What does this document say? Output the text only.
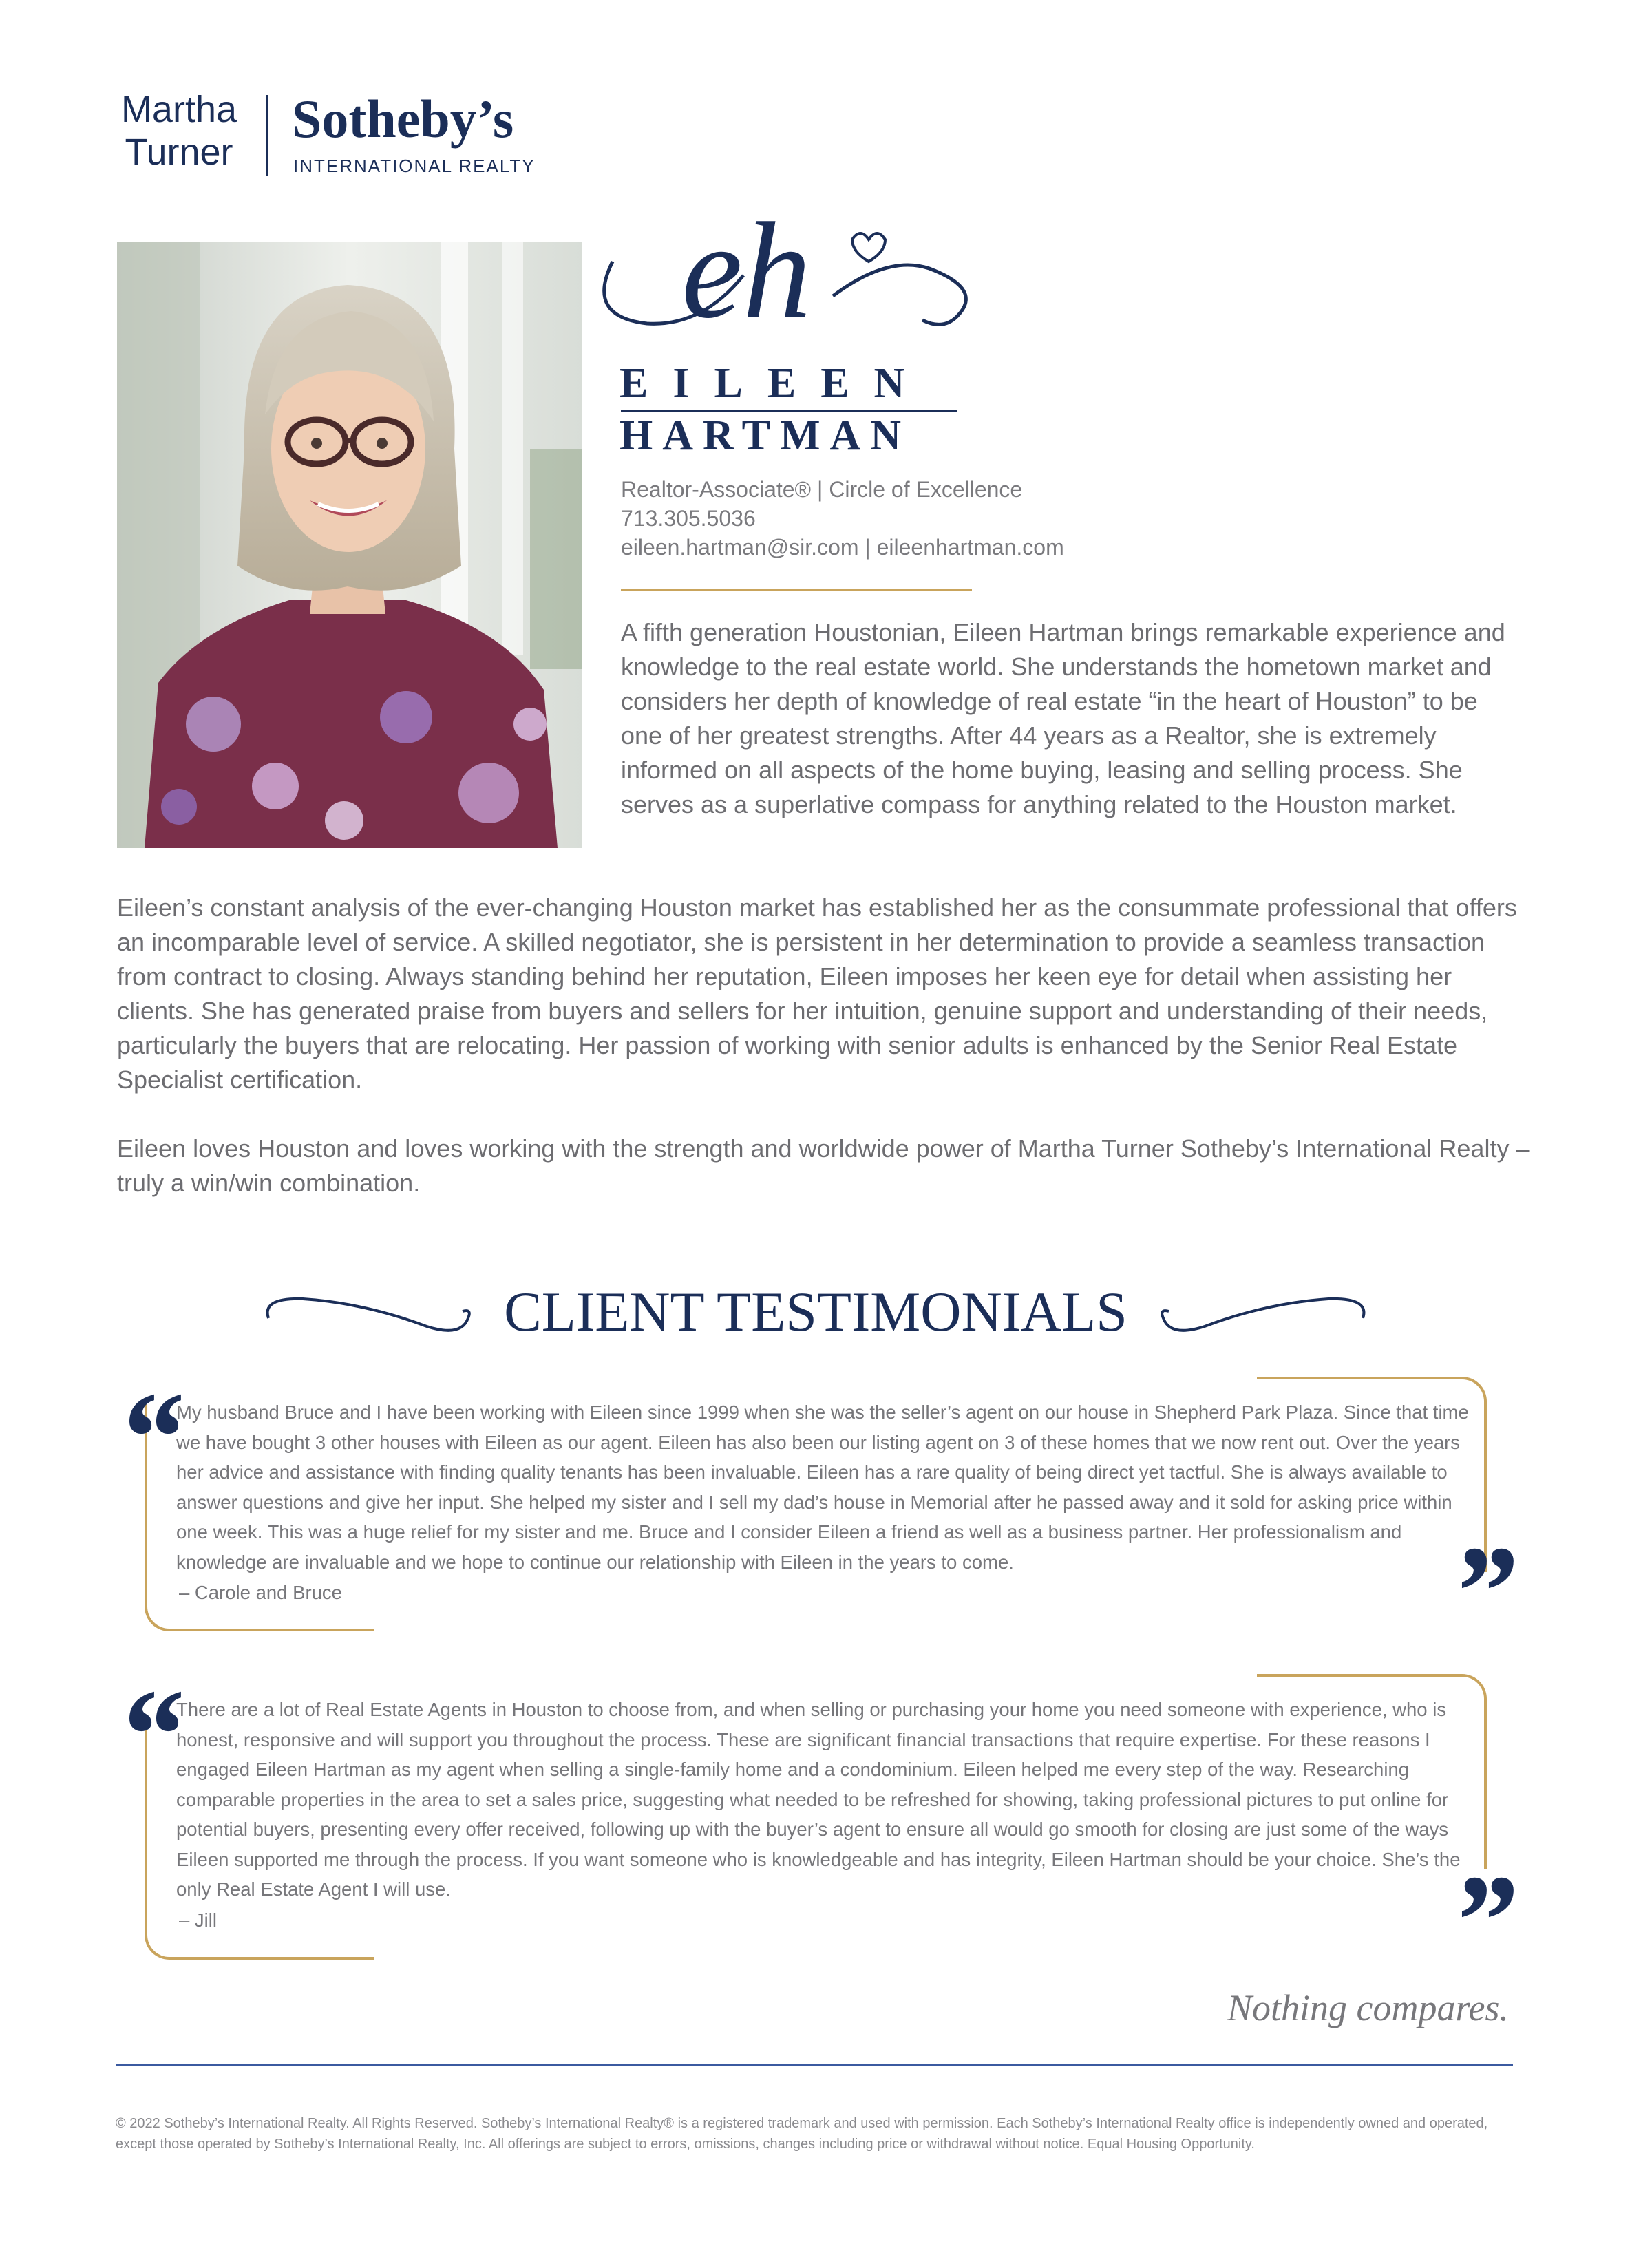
Martha
Turner
Sotheby’s
INTERNATIONAL REALTY
eh
EILEEN
HARTMAN
Realtor-Associate® | Circle of Excellence
713.305.5036
eileen.hartman@sir.com | eileenhartman.com
A fifth generation Houstonian, Eileen Hartman brings remarkable experience and knowledge to the real estate world. She understands the hometown market and considers her depth of knowledge of real estate “in the heart of Houston” to be one of her greatest strengths. After 44 years as a Realtor, she is extremely informed on all aspects of the home buying, leasing and selling process. She serves as a superlative compass for anything related to the Houston market.
Eileen’s constant analysis of the ever-changing Houston market has established her as the consummate professional that offers an incomparable level of service. A skilled negotiator, she is persistent in her determination to provide a seamless transaction from contract to closing. Always standing behind her reputation, Eileen imposes her keen eye for detail when assisting her clients. She has generated praise from buyers and sellers for her intuition, genuine support and understanding of their needs, particularly the buyers that are relocating. Her passion of working with senior adults is enhanced by the Senior Real Estate Specialist certification.
Eileen loves Houston and loves working with the strength and worldwide power of Martha Turner Sotheby’s International Realty – truly a win/win combination.
CLIENT TESTIMONIALS
“
My husband Bruce and I have been working with Eileen since 1999 when she was the seller’s agent on our house in Shepherd Park Plaza. Since that time we have bought 3 other houses with Eileen as our agent. Eileen has also been our listing agent on 3 of these homes that we now rent out. Over the years her advice and assistance with finding quality tenants has been invaluable. Eileen has a rare quality of being direct yet tactful. She is always available to answer questions and give her input. She helped my sister and I sell my dad’s house in Memorial after he passed away and it sold for asking price within one week. This was a huge relief for my sister and me. Bruce and I consider Eileen a friend as well as a business partner. Her professionalism and knowledge are invaluable and we hope to continue our relationship with Eileen in the years to come.
– Carole and Bruce	”
“
There are a lot of Real Estate Agents in Houston to choose from, and when selling or purchasing your home you need someone with experience, who is honest, responsive and will support you throughout the process. These are significant financial transactions that require expertise. For these reasons I engaged Eileen Hartman as my agent when selling a single-family home and a condominium. Eileen helped me every step of the way. Researching comparable properties in the area to set a sales price, suggesting what needed to be refreshed for showing, taking professional pictures to put online for potential buyers, presenting every offer received, following up with the buyer’s agent to ensure all would go smooth for closing are just some of the ways Eileen supported me through the process. If you want someone who is knowledgeable and has integrity, Eileen Hartman should be your choice. She’s the only Real Estate Agent I will use.
– Jill	”
Nothing compares.
© 2022 Sotheby’s International Realty. All Rights Reserved. Sotheby’s International Realty® is a registered trademark and used with permission. Each Sotheby’s International Realty office is independently owned and operated, except those operated by Sotheby’s International Realty, Inc. All offerings are subject to errors, omissions, changes including price or withdrawal without notice. Equal Housing Opportunity.
